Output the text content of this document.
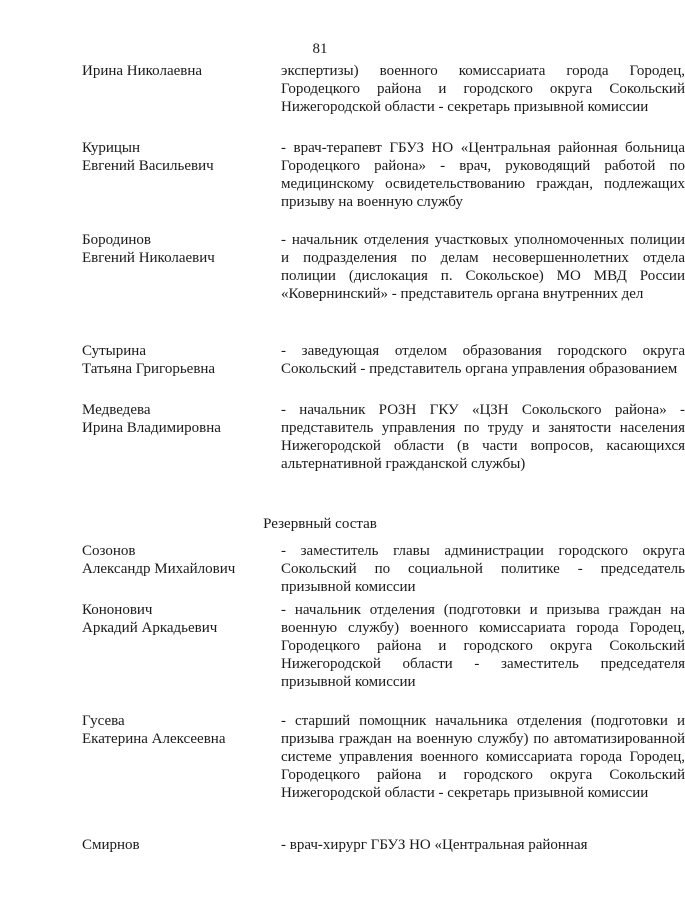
81
Ирина Николаевна	экспертизы) военного комиссариата города Городец, Городецкого района и городского округа Сокольский Нижегородской области - секретарь призывной комиссии
Курицын
Евгений Васильевич
- врач-терапевт ГБУЗ НО «Центральная районная больница Городецкого района» - врач, руководящий работой по медицинскому освидетельствованию граждан, подлежащих призыву на военную службу
Бородинов
Евгений Николаевич
- начальник отделения участковых уполномоченных полиции и подразделения по делам несовершеннолетних отдела полиции (дислокация п. Сокольское) МО МВД России «Ковернинский» - представитель органа внутренних дел
Сутырина
Татьяна Григорьевна
- заведующая отделом образования городского округа Сокольский - представитель органа управления образованием
Медведева
Ирина Владимировна
- начальник РОЗН ГКУ «ЦЗН Сокольского района» - представитель управления по труду и занятости населения Нижегородской области (в части вопросов, касающихся альтернативной гражданской службы)
Резервный состав
Созонов
Александр Михайлович
- заместитель главы администрации городского округа Сокольский по социальной политике - председатель призывной комиссии
Кононович
Аркадий Аркадьевич
- начальник отделения (подготовки и призыва граждан на военную службу) военного комиссариата города Городец, Городецкого района и городского округа Сокольский Нижегородской области - заместитель председателя призывной комиссии
Гусева
Екатерина Алексеевна
- старший помощник начальника отделения (подготовки и призыва граждан на военную службу) по автоматизированной системе управления военного комиссариата города Городец, Городецкого района и городского округа Сокольский Нижегородской области - секретарь призывной комиссии
Смирнов	- врач-хирург ГБУЗ НО «Центральная районная
